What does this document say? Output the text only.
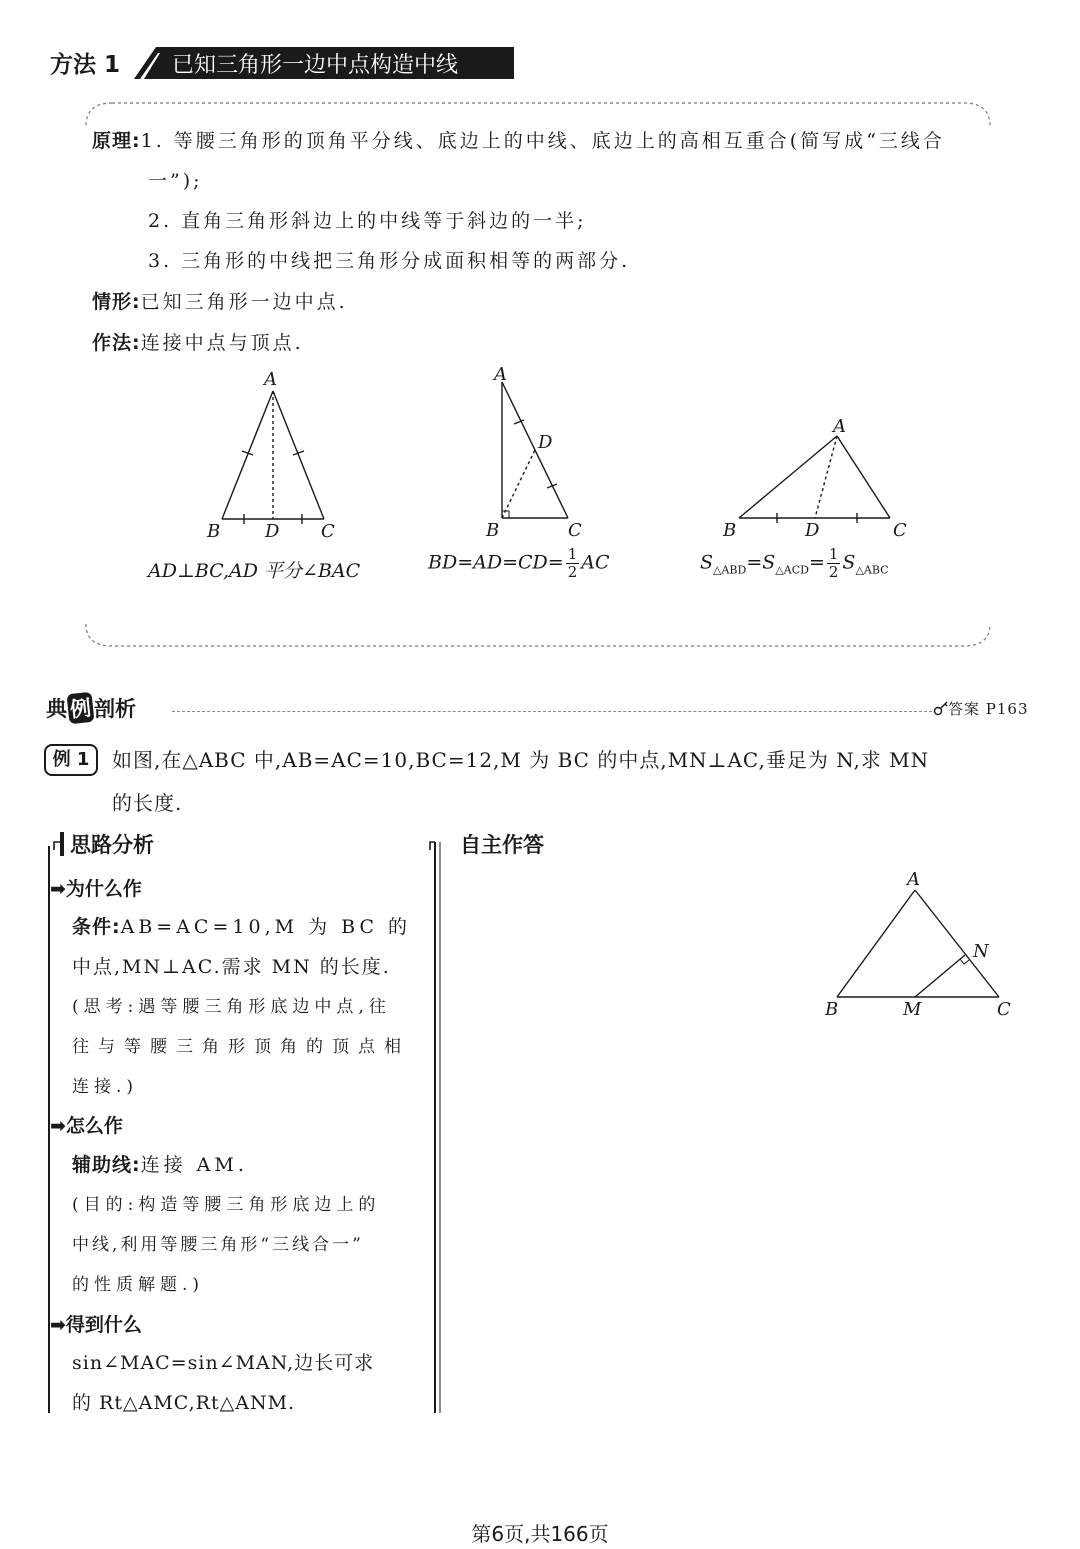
方法 1 已知三角形一边中点构造中线
原理:1. 等腰三角形的顶角平分线、底边上的中线、底边上的高相互重合(简写成“三线合
一”);
2. 直角三角形斜边上的中线等于斜边的一半;
3. 三角形的中线把三角形分成面积相等的两部分.
情形:已知三角形一边中点.
作法:连接中点与顶点.
A
B D C
AD⊥BC,AD 平分∠BAC
A
D
B	C
$BD=AD=CD= \frac{1}{2}$ AC
A
B	D	C
$S_{\triangle ABD}=S_{\triangle ACD}= \frac{1}{2} S_{\triangle ABC}$
典例剖析	答案 P163
例 1	如图,在△ABC 中,AB=AC=10,BC=12,M 为 BC 的中点,MN⊥AC,垂足为 N,求 MN
的长度.
思路分析
➡为什么作
条件:AB=AC=10,M 为 BC 的
中点,MN⊥AC.需求 MN 的长度.
(思考:遇等腰三角形底边中点,往
往与等腰三角形顶角的顶点相
连接.)
➡怎么作
辅助线:连接 AM.
(目的:构造等腰三角形底边上的
中线,利用等腰三角形“三线合一”
的性质解题.)
➡得到什么
sin∠MAC=sin∠MAN,边长可求
的 Rt△AMC,Rt△ANM.
自主作答
A
N
B	M	C
第6页,共166页
